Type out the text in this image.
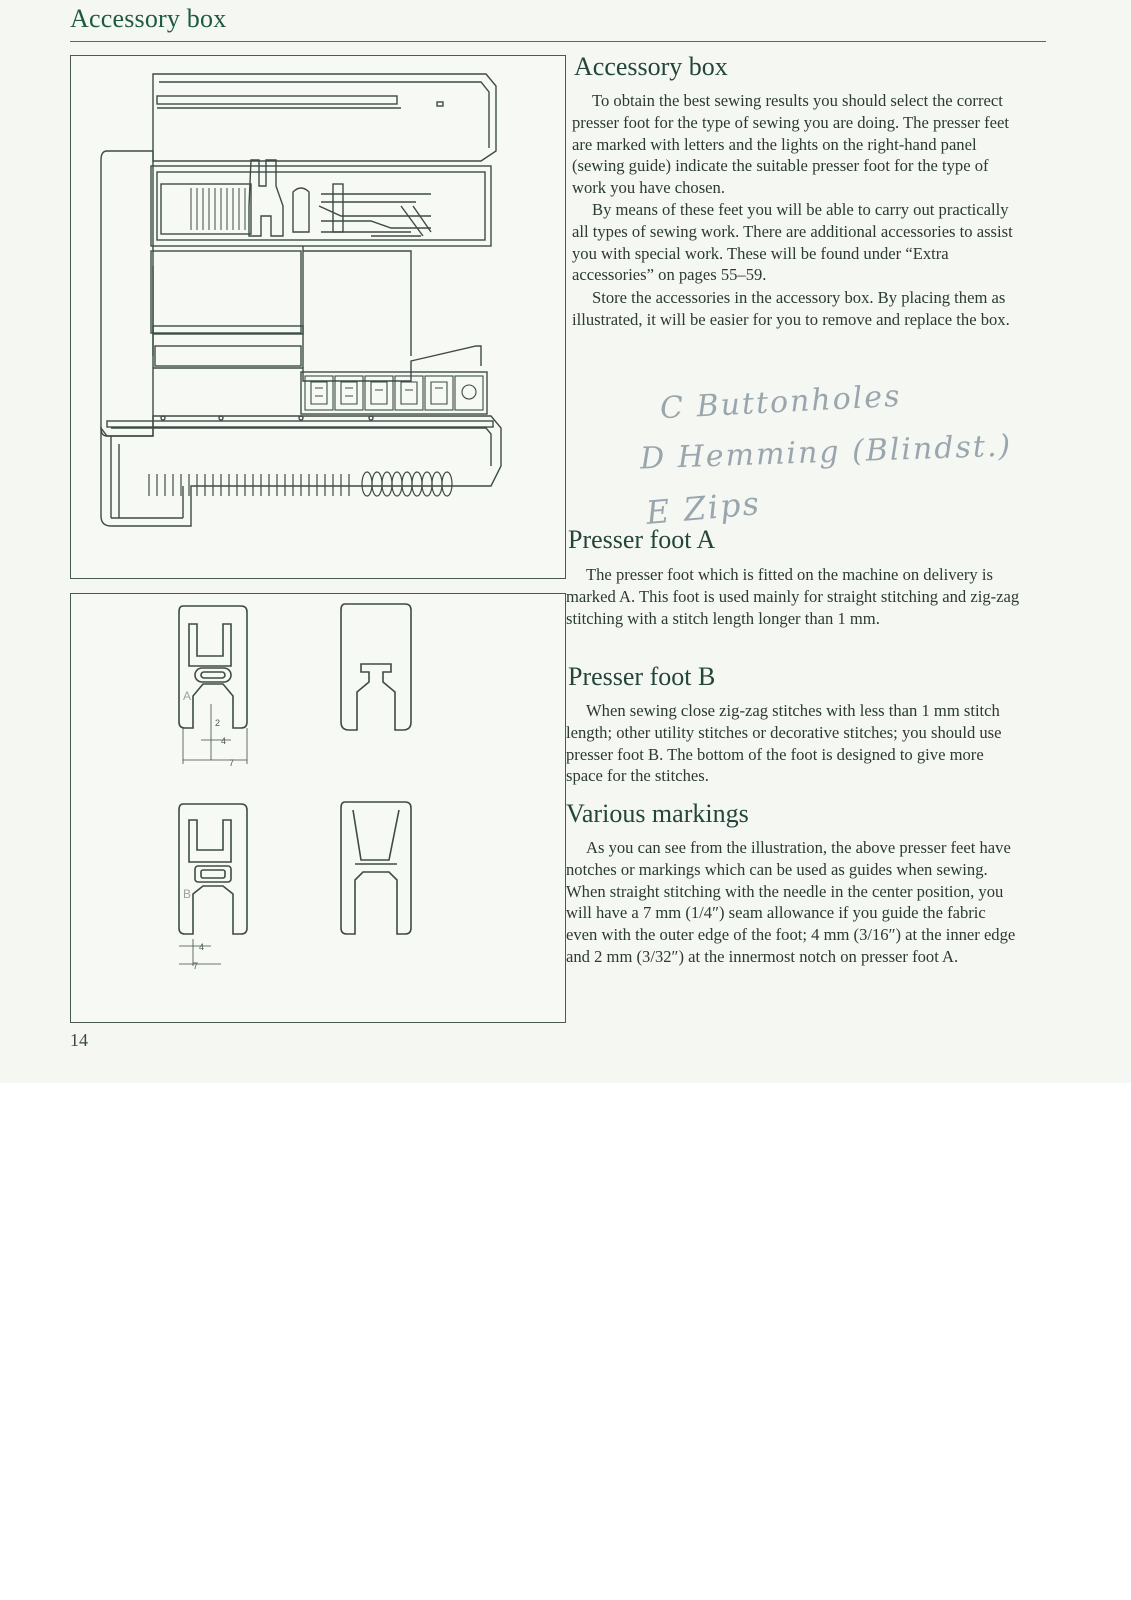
Accessory box
2
4
7
A
4
7
B
14
Accessory box

To obtain the best sewing results you should select the correct presser foot for the type of sewing you are doing. The presser feet are marked with letters and the lights on the right-hand panel (sewing guide) indicate the suitable presser foot for the type of work you have chosen.

By means of these feet you will be able to carry out practically all types of sewing work. There are additional accessories to assist you with special work. These will be found under “Extra accessories” on pages 55–59.

Store the accessories in the accessory box. By placing them as illustrated, it will be easier for you to remove and replace the box.

C Buttonholes
D Hemming (Blindst.)
E Zips
Presser foot A

The presser foot which is fitted on the machine on delivery is marked A. This foot is used mainly for straight stitching and zig-zag stitching with a stitch length longer than 1 mm.

Presser foot B

When sewing close zig-zag stitches with less than 1 mm stitch length; other utility stitches or decorative stitches; you should use presser foot B. The bottom of the foot is designed to give more space for the stitches.

Various markings

As you can see from the illustration, the above presser feet have notches or markings which can be used as guides when sewing. When straight stitching with the needle in the center position, you will have a 7 mm (1/4″) seam allowance if you guide the fabric even with the outer edge of the foot; 4 mm (3/16″) at the inner edge and 2 mm (3/32″) at the innermost notch on presser foot A.
